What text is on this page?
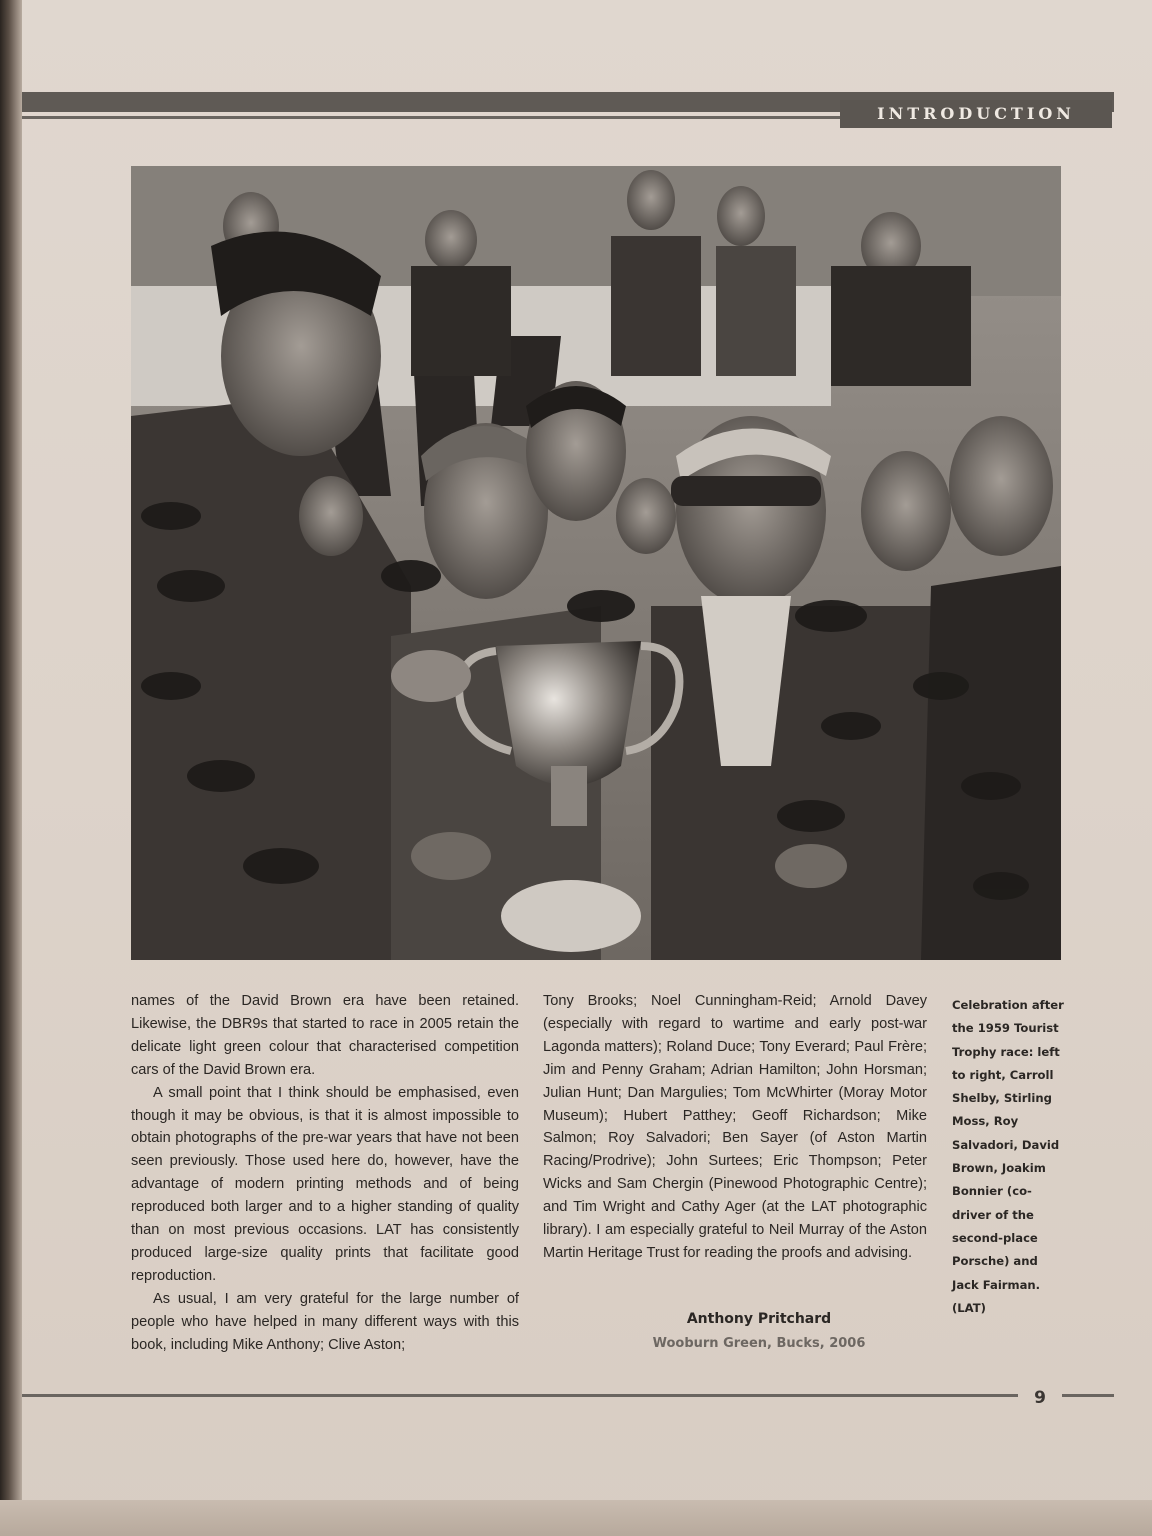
INTRODUCTION

names of the David Brown era have been retained. Likewise, the DBR9s that started to race in 2005 retain the delicate light green colour that characterised competition cars of the David Brown era.

A small point that I think should be emphasised, even though it may be obvious, is that it is almost impossible to obtain photographs of the pre-war years that have not been seen previously. Those used here do, however, have the advantage of modern printing methods and of being reproduced both larger and to a higher standing of quality than on most previous occasions. LAT has consistently produced large-size quality prints that facilitate good reproduction.

As usual, I am very grateful for the large number of people who have helped in many different ways with this book, including Mike Anthony; Clive Aston;

Tony Brooks; Noel Cunningham-Reid; Arnold Davey (especially with regard to wartime and early post-war Lagonda matters); Roland Duce; Tony Everard; Paul Frère; Jim and Penny Graham; Adrian Hamilton; John Horsman; Julian Hunt; Dan Margulies; Tom McWhirter (Moray Motor Museum); Hubert Patthey; Geoff Richardson; Mike Salmon; Roy Salvadori; Ben Sayer (of Aston Martin Racing/Prodrive); John Surtees; Eric Thompson; Peter Wicks and Sam Chergin (Pinewood Photographic Centre); and Tim Wright and Cathy Ager (at the LAT photographic library). I am especially grateful to Neil Murray of the Aston Martin Heritage Trust for reading the proofs and advising.

Anthony Pritchard
Wooburn Green, Bucks, 2006
Celebration after the 1959 Tourist Trophy race: left to right, Carroll Shelby, Stirling Moss, Roy Salvadori, David Brown, Joakim Bonnier (co-driver of the second-place Porsche) and Jack Fairman. (LAT)
9
